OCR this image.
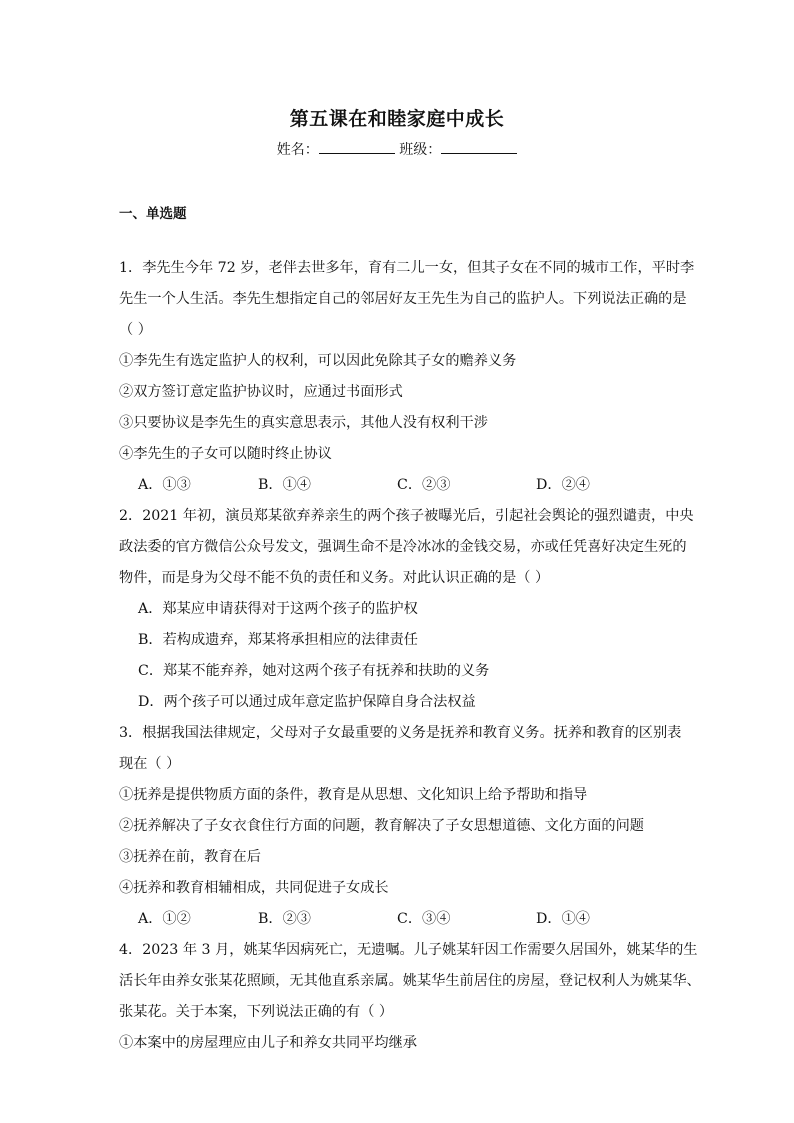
第五课在和睦家庭中成长
姓名：	班级：
一、单选题
1．李先生今年 72 岁，老伴去世多年，育有二儿一女，但其子女在不同的城市工作，平时李
先生一个人生活。李先生想指定自己的邻居好友王先生为自己的监护人。下列说法正确的是
（ ）
①李先生有选定监护人的权利，可以因此免除其子女的赡养义务
②双方签订意定监护协议时，应通过书面形式
③只要协议是李先生的真实意思表示，其他人没有权利干涉
④李先生的子女可以随时终止协议
A．①③	B．①④	C．②③	D．②④
2．2021 年初，演员郑某欲弃养亲生的两个孩子被曝光后，引起社会舆论的强烈谴责，中央
政法委的官方微信公众号发文，强调生命不是冷冰冰的金钱交易，亦或任凭喜好决定生死的
物件，而是身为父母不能不负的责任和义务。对此认识正确的是（ ）
A．郑某应申请获得对于这两个孩子的监护权
B．若构成遗弃，郑某将承担相应的法律责任
C．郑某不能弃养，她对这两个孩子有抚养和扶助的义务
D．两个孩子可以通过成年意定监护保障自身合法权益
3．根据我国法律规定，父母对子女最重要的义务是抚养和教育义务。抚养和教育的区别表
现在（ ）
①抚养是提供物质方面的条件，教育是从思想、文化知识上给予帮助和指导
②抚养解决了子女衣食住行方面的问题，教育解决了子女思想道德、文化方面的问题
③抚养在前，教育在后
④抚养和教育相辅相成，共同促进子女成长
A．①②	B．②③	C．③④	D．①④
4．2023 年 3 月，姚某华因病死亡，无遗嘱。儿子姚某轩因工作需要久居国外，姚某华的生
活长年由养女张某花照顾，无其他直系亲属。姚某华生前居住的房屋，登记权利人为姚某华、
张某花。关于本案，下列说法正确的有（ ）
①本案中的房屋理应由儿子和养女共同平均继承
